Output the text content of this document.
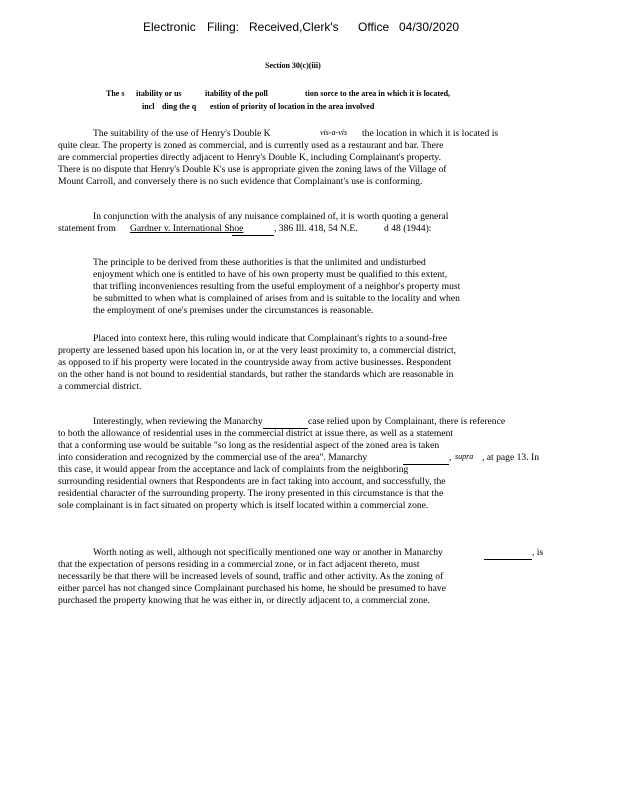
Electronic Filing: Received,Clerk's Office 04/30/2020
Section 30(c)(iii)
The s itability or us	itability of the poll	tion sorce to the area in which it is located,
incl ding the q estion of priority of location in the area involved
The suitability of the use of Henry's Double K	vis-a-vis the location in which it is located is
quite clear. The property is zoned as commercial, and is currently used as a restaurant and bar. There
are commercial properties directly adjacent to Henry's Double K, including Complainant's property.
There is no dispute that Henry's Double K's use is appropriate given the zoning laws of the Village of
Mount Carroll, and conversely there is no such evidence that Complainant's use is conforming.
In conjunction with the analysis of any nuisance complained of, it is worth quoting a general
statement from Gardner v. International Shoe	, 386 Ill. 418, 54 N.E.	d 48 (1944):
The principle to be derived from these authorities is that the unlimited and undisturbed
enjoyment which one is entitled to have of his own property must be qualified to this extent,
that trifling inconveniences resulting from the useful employment of a neighbor's property must
be submitted to when what is complained of arises from and is suitable to the locality and when
the employment of one's premises under the circumstances is reasonable.
Placed into context here, this ruling would indicate that Complainant's rights to a sound-free
property are lessened based upon his location in, or at the very least proximity to, a commercial district,
as opposed to if his property were located in the countryside away from active businesses. Respondent
on the other hand is not bound to residential standards, but rather the standards which are reasonable in
a commercial district.
Interestingly, when reviewing the Manarchy	case relied upon by Complainant, there is reference
to both the allowance of residential uses in the commercial district at issue there, as well as a statement
that a conforming use would be suitable "so long as the residential aspect of the zoned area is taken
into consideration and recognized by the commercial use of the area". Manarchy	, supra , at page 13. In
this case, it would appear from the acceptance and lack of complaints from the neighboring
surrounding residential owners that Respondents are in fact taking into account, and successfully, the
residential character of the surrounding property. The irony presented in this circumstance is that the
sole complainant is in fact situated on property which is itself located within a commercial zone.
Worth noting as well, although not specifically mentioned one way or another in Manarchy	, is
that the expectation of persons residing in a commercial zone, or in fact adjacent thereto, must
necessarily be that there will be increased levels of sound, traffic and other activity. As the zoning of
either parcel has not changed since Complainant purchased his home, he should be presumed to have
purchased the property knowing that he was either in, or directly adjacent to, a commercial zone.
